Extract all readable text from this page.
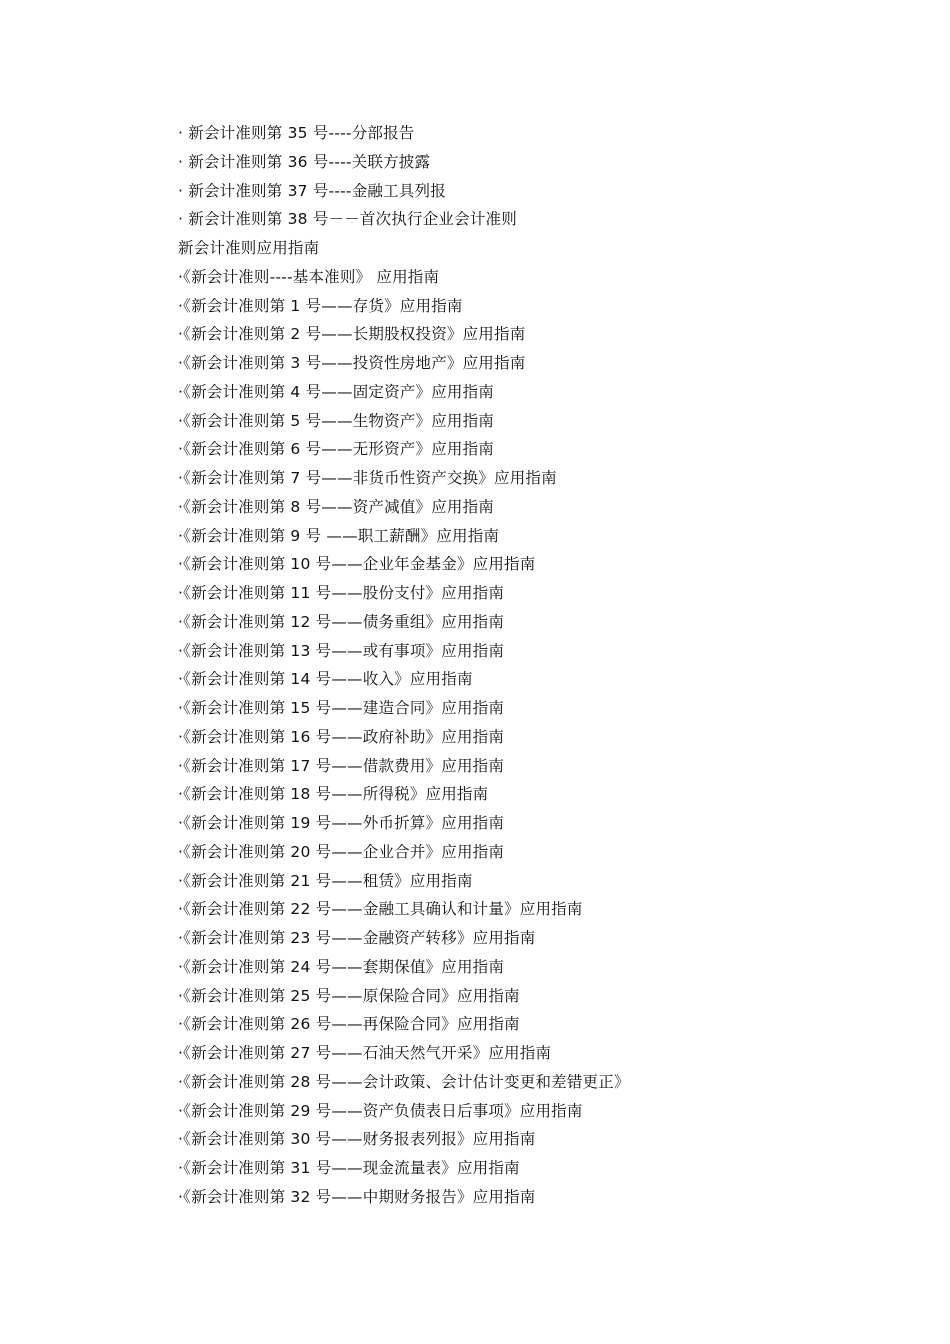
· 新会计准则第 35 号----分部报告
· 新会计准则第 36 号----关联方披露
· 新会计准则第 37 号----金融工具列报
· 新会计准则第 38 号－－首次执行企业会计准则
新会计准则应用指南
·《新会计准则----基本准则》 应用指南
·《新会计准则第 1 号——存货》应用指南
·《新会计准则第 2 号——长期股权投资》应用指南
·《新会计准则第 3 号——投资性房地产》应用指南
·《新会计准则第 4 号——固定资产》应用指南
·《新会计准则第 5 号——生物资产》应用指南
·《新会计准则第 6 号——无形资产》应用指南
·《新会计准则第 7 号——非货币性资产交换》应用指南
·《新会计准则第 8 号——资产减值》应用指南
·《新会计准则第 9 号 ——职工薪酬》应用指南
·《新会计准则第 10 号——企业年金基金》应用指南
·《新会计准则第 11 号——股份支付》应用指南
·《新会计准则第 12 号——债务重组》应用指南
·《新会计准则第 13 号——或有事项》应用指南
·《新会计准则第 14 号——收入》应用指南
·《新会计准则第 15 号——建造合同》应用指南
·《新会计准则第 16 号——政府补助》应用指南
·《新会计准则第 17 号——借款费用》应用指南
·《新会计准则第 18 号——所得税》应用指南
·《新会计准则第 19 号——外币折算》应用指南
·《新会计准则第 20 号——企业合并》应用指南
·《新会计准则第 21 号——租赁》应用指南
·《新会计准则第 22 号——金融工具确认和计量》应用指南
·《新会计准则第 23 号——金融资产转移》应用指南
·《新会计准则第 24 号——套期保值》应用指南
·《新会计准则第 25 号——原保险合同》应用指南
·《新会计准则第 26 号——再保险合同》应用指南
·《新会计准则第 27 号——石油天然气开采》应用指南
·《新会计准则第 28 号——会计政策、会计估计变更和差错更正》
·《新会计准则第 29 号——资产负债表日后事项》应用指南
·《新会计准则第 30 号——财务报表列报》应用指南
·《新会计准则第 31 号——现金流量表》应用指南
·《新会计准则第 32 号——中期财务报告》应用指南
